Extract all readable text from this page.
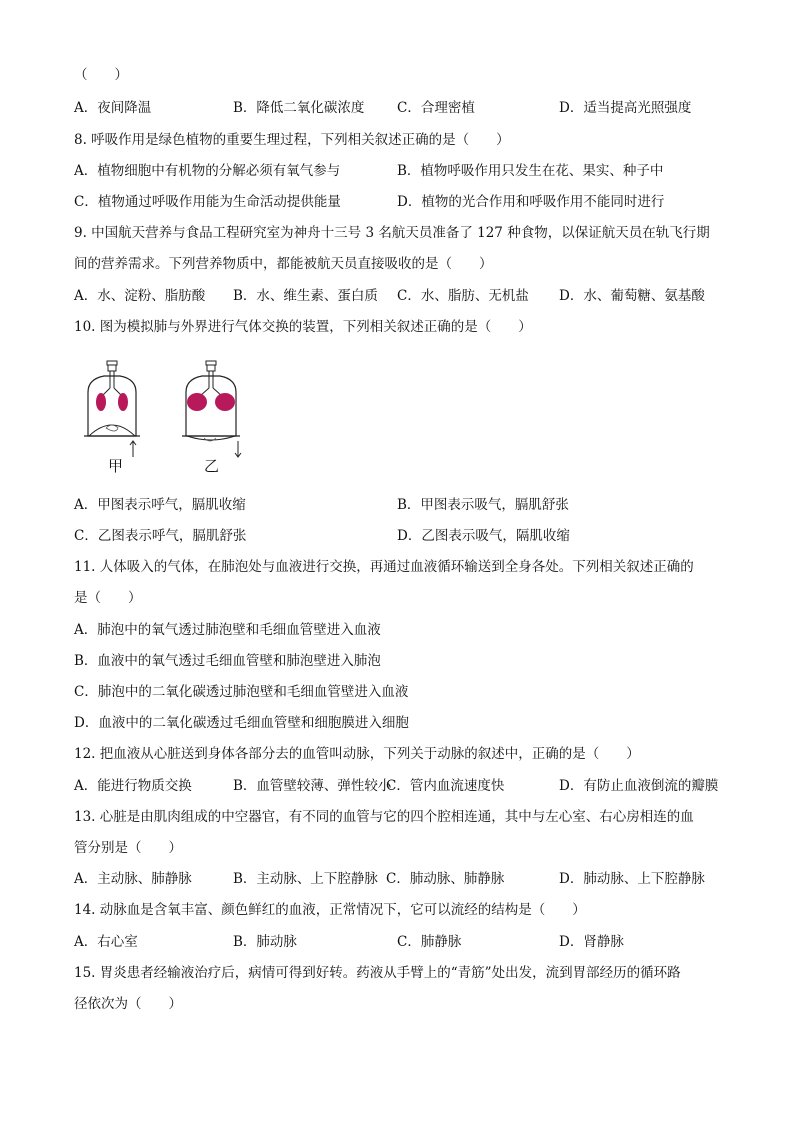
（　　）
A．夜间降温	B．降低二氧化碳浓度 C．合理密植	D．适当提高光照强度
8. 呼吸作用是绿色植物的重要生理过程，下列相关叙述正确的是（　　）
A．植物细胞中有机物的分解必须有氧气参与	B．植物呼吸作用只发生在花、果实、种子中
C．植物通过呼吸作用能为生命活动提供能量	D．植物的光合作用和呼吸作用不能同时进行
9. 中国航天营养与食品工程研究室为神舟十三号 3 名航天员准备了 127 种食物，以保证航天员在轨飞行期
间的营养需求。下列营养物质中，都能被航天员直接吸收的是（　　）
A．水、淀粉、脂肪酸 B．水、维生素、蛋白质 C．水、脂肪、无机盐 D．水、葡萄糖、氨基酸
10. 图为模拟肺与外界进行气体交换的装置，下列相关叙述正确的是（　　）
甲	乙
A．甲图表示呼气，膈肌收缩	B．甲图表示吸气，膈肌舒张
C．乙图表示呼气，膈肌舒张	D．乙图表示吸气，隔肌收缩
11. 人体吸入的气体，在肺泡处与血液进行交换，再通过血液循环输送到全身各处。下列相关叙述正确的
是（　　）
A．肺泡中的氧气透过肺泡壁和毛细血管壁进入血液
B．血液中的氧气透过毛细血管壁和肺泡壁进入肺泡
C．肺泡中的二氧化碳透过肺泡壁和毛细血管壁进入血液
D．血液中的二氧化碳透过毛细血管壁和细胞膜进入细胞
12. 把血液从心脏送到身体各部分去的血管叫动脉，下列关于动脉的叙述中，正确的是（　　）
A．能进行物质交换	B．血管壁较薄、弹性较小
C．管内血流速度快	D．有防止血液倒流的瓣膜
13. 心脏是由肌肉组成的中空器官，有不同的血管与它的四个腔相连通，其中与左心室、右心房相连的血
管分别是（　　）
A．主动脉、肺静脉	B．主动脉、上下腔静脉 C．肺动脉、肺静脉	D．肺动脉、上下腔静脉
14. 动脉血是含氧丰富、颜色鲜红的血液，正常情况下，它可以流经的结构是（　　）
A．右心室	B．肺动脉	C．肺静脉	D．肾静脉
15. 胃炎患者经输液治疗后，病情可得到好转。药液从手臂上的“青筋”处出发，流到胃部经历的循环路
径依次为（　　）
